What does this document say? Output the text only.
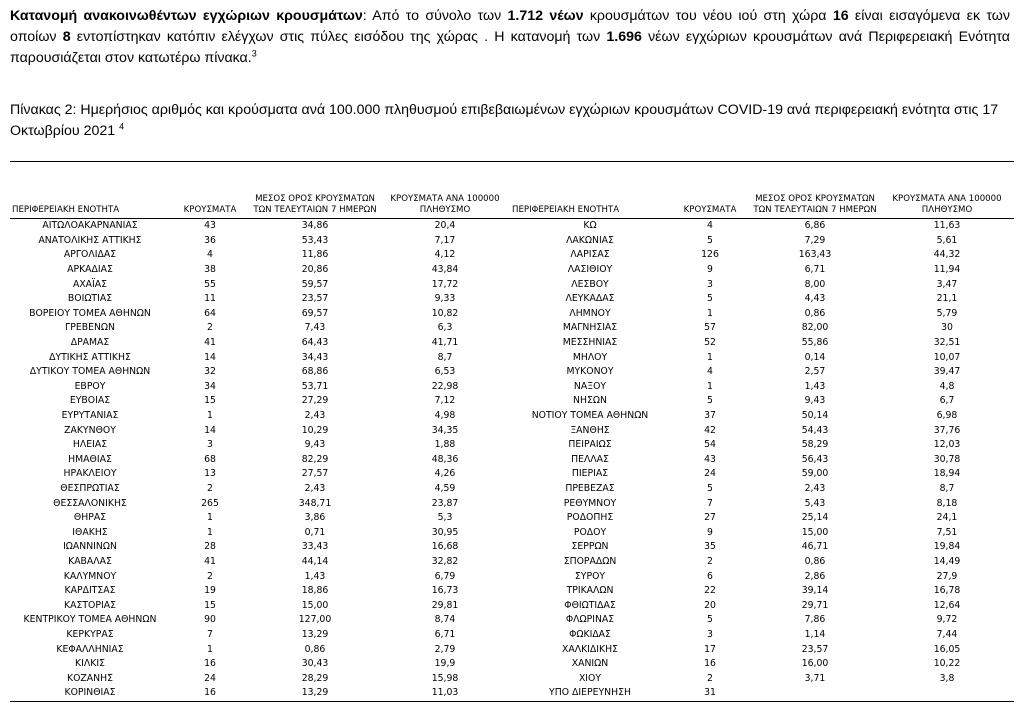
Κατανομή ανακοινωθέντων εγχώριων κρουσμάτων: Από το σύνολο των 1.712 νέων κρουσμάτων του νέου ιού στη χώρα 16 είναι εισαγόμενα εκ των οποίων 8 εντοπίστηκαν κατόπιν ελέγχων στις πύλες εισόδου της χώρας . Η κατανομή των 1.696 νέων εγχώριων κρουσμάτων ανά Περιφερειακή Ενότητα παρουσιάζεται στον κατωτέρω πίνακα.$^3$

Πίνακας 2: Ημερήσιος αριθμός και κρούσματα ανά 100.000 πληθυσμού επιβεβαιωμένων εγχώριων κρουσμάτων COVID-19 ανά περιφερειακή ενότητα στις 17 Οκτωβρίου 2021 $^4$

ΠΕΡΙΦΕΡΕΙΑΚΗ ΕΝΟΤΗΤΑ	ΚΡΟΥΣΜΑΤΑ	ΜΕΣΟΣ ΟΡΟΣ ΚΡΟΥΣΜΑΤΩΝ ΤΩΝ ΤΕΛΕΥΤΑΙΩΝ 7 ΗΜΕΡΩΝ	ΚΡΟΥΣΜΑΤΑ ΑΝΑ 100000 ΠΛΗΘΥΣΜΟ	ΠΕΡΙΦΕΡΕΙΑΚΗ ΕΝΟΤΗΤΑ	ΚΡΟΥΣΜΑΤΑ	ΜΕΣΟΣ ΟΡΟΣ ΚΡΟΥΣΜΑΤΩΝ ΤΩΝ ΤΕΛΕΥΤΑΙΩΝ 7 ΗΜΕΡΩΝ	ΚΡΟΥΣΜΑΤΑ ΑΝΑ 100000 ΠΛΗΘΥΣΜΟ
ΑΙΤΩΛΟΑΚΑΡΝΑΝΙΑΣ	43	34,86	20,4	ΚΩ	4	6,86	11,63
ΑΝΑΤΟΛΙΚΗΣ ΑΤΤΙΚΗΣ	36	53,43	7,17	ΛΑΚΩΝΙΑΣ	5	7,29	5,61
ΑΡΓΟΛΙΔΑΣ	4	11,86	4,12	ΛΑΡΙΣΑΣ	126	163,43	44,32
ΑΡΚΑΔΙΑΣ	38	20,86	43,84	ΛΑΣΙΘΙΟΥ	9	6,71	11,94
ΑΧΑΪΑΣ	55	59,57	17,72	ΛΕΣΒΟΥ	3	8,00	3,47
ΒΟΙΩΤΙΑΣ	11	23,57	9,33	ΛΕΥΚΑΔΑΣ	5	4,43	21,1
ΒΟΡΕΙΟΥ ΤΟΜΕΑ ΑΘΗΝΩΝ	64	69,57	10,82	ΛΗΜΝΟΥ	1	0,86	5,79
ΓΡΕΒΕΝΩΝ	2	7,43	6,3	ΜΑΓΝΗΣΙΑΣ	57	82,00	30
ΔΡΑΜΑΣ	41	64,43	41,71	ΜΕΣΣΗΝΙΑΣ	52	55,86	32,51
ΔΥΤΙΚΗΣ ΑΤΤΙΚΗΣ	14	34,43	8,7	ΜΗΛΟΥ	1	0,14	10,07
ΔΥΤΙΚΟΥ ΤΟΜΕΑ ΑΘΗΝΩΝ	32	68,86	6,53	ΜΥΚΟΝΟΥ	4	2,57	39,47
ΕΒΡΟΥ	34	53,71	22,98	ΝΑΞΟΥ	1	1,43	4,8
ΕΥΒΟΙΑΣ	15	27,29	7,12	ΝΗΣΩΝ	5	9,43	6,7
ΕΥΡΥΤΑΝΙΑΣ	1	2,43	4,98	ΝΟΤΙΟΥ ΤΟΜΕΑ ΑΘΗΝΩΝ	37	50,14	6,98
ΖΑΚΥΝΘΟΥ	14	10,29	34,35	ΞΑΝΘΗΣ	42	54,43	37,76
ΗΛΕΙΑΣ	3	9,43	1,88	ΠΕΙΡΑΙΩΣ	54	58,29	12,03
ΗΜΑΘΙΑΣ	68	82,29	48,36	ΠΕΛΛΑΣ	43	56,43	30,78
ΗΡΑΚΛΕΙΟΥ	13	27,57	4,26	ΠΙΕΡΙΑΣ	24	59,00	18,94
ΘΕΣΠΡΩΤΙΑΣ	2	2,43	4,59	ΠΡΕΒΕΖΑΣ	5	2,43	8,7
ΘΕΣΣΑΛΟΝΙΚΗΣ	265	348,71	23,87	ΡΕΘΥΜΝΟΥ	7	5,43	8,18
ΘΗΡΑΣ	1	3,86	5,3	ΡΟΔΟΠΗΣ	27	25,14	24,1
ΙΘΑΚΗΣ	1	0,71	30,95	ΡΟΔΟΥ	9	15,00	7,51
ΙΩΑΝΝΙΝΩΝ	28	33,43	16,68	ΣΕΡΡΩΝ	35	46,71	19,84
ΚΑΒΑΛΑΣ	41	44,14	32,82	ΣΠΟΡΑΔΩΝ	2	0,86	14,49
ΚΑΛΥΜΝΟΥ	2	1,43	6,79	ΣΥΡΟΥ	6	2,86	27,9
ΚΑΡΔΙΤΣΑΣ	19	18,86	16,73	ΤΡΙΚΑΛΩΝ	22	39,14	16,78
ΚΑΣΤΟΡΙΑΣ	15	15,00	29,81	ΦΘΙΩΤΙΔΑΣ	20	29,71	12,64
ΚΕΝΤΡΙΚΟΥ ΤΟΜΕΑ ΑΘΗΝΩΝ	90	127,00	8,74	ΦΛΩΡΙΝΑΣ	5	7,86	9,72
ΚΕΡΚΥΡΑΣ	7	13,29	6,71	ΦΩΚΙΔΑΣ	3	1,14	7,44
ΚΕΦΑΛΛΗΝΙΑΣ	1	0,86	2,79	ΧΑΛΚΙΔΙΚΗΣ	17	23,57	16,05
ΚΙΛΚΙΣ	16	30,43	19,9	ΧΑΝΙΩΝ	16	16,00	10,22
ΚΟΖΑΝΗΣ	24	28,29	15,98	ΧΙΟΥ	2	3,71	3,8
ΚΟΡΙΝΘΙΑΣ	16	13,29	11,03	ΥΠΟ ΔΙΕΡΕΥΝΗΣΗ	31		
